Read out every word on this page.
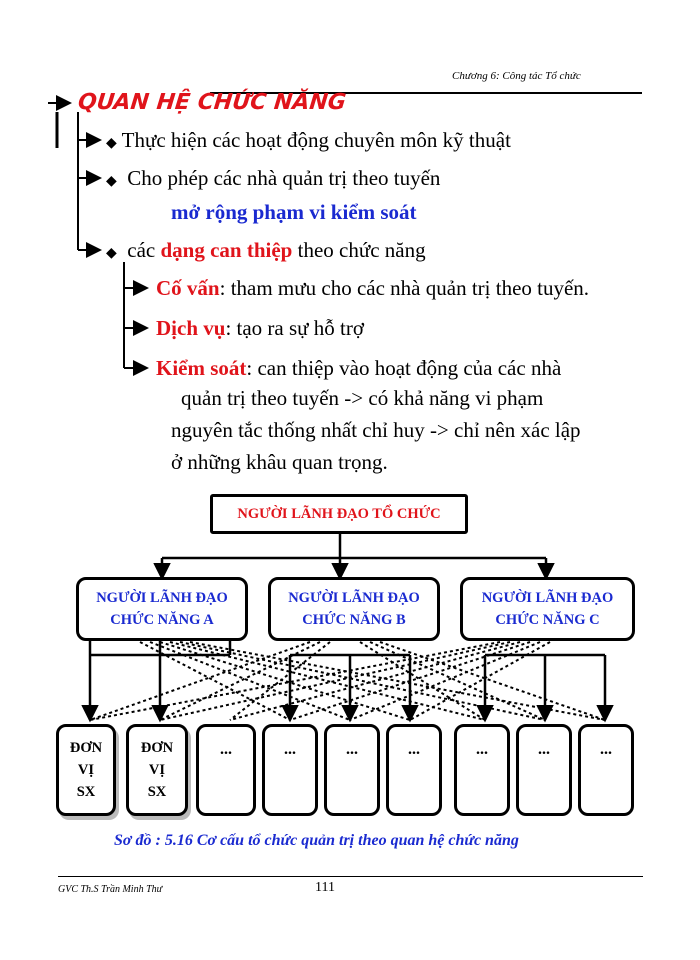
Chương 6: Công tác Tổ chức
QUAN HỆ CHỨC NĂNG
◆ Thực hiện các hoạt động chuyên môn kỹ thuật
◆ Cho phép các nhà quản trị theo tuyến
mở rộng phạm vi kiểm soát
◆ các dạng can thiệp theo chức năng
Cố vấn: tham mưu cho các nhà quản trị theo tuyến.
Dịch vụ: tạo ra sự hỗ trợ
Kiểm soát: can thiệp vào hoạt động của các nhà
quản trị theo tuyến -> có khả năng vi phạm
nguyên tắc thống nhất chỉ huy -> chỉ nên xác lập
ở những khâu quan trọng.
NGƯỜI LÃNH ĐẠO TỔ CHỨC
NGƯỜI LÃNH ĐẠO
CHỨC NĂNG A
NGƯỜI LÃNH ĐẠO
CHỨC NĂNG B
NGƯỜI LÃNH ĐẠO
CHỨC NĂNG C
ĐƠN
VỊ
SX
ĐƠN
VỊ
SX
...	...	...	...	...	...	...
Sơ đồ : 5.16 Cơ cấu tổ chức quản trị theo quan hệ chức năng
GVC Th.S Trần Minh Thư	111
